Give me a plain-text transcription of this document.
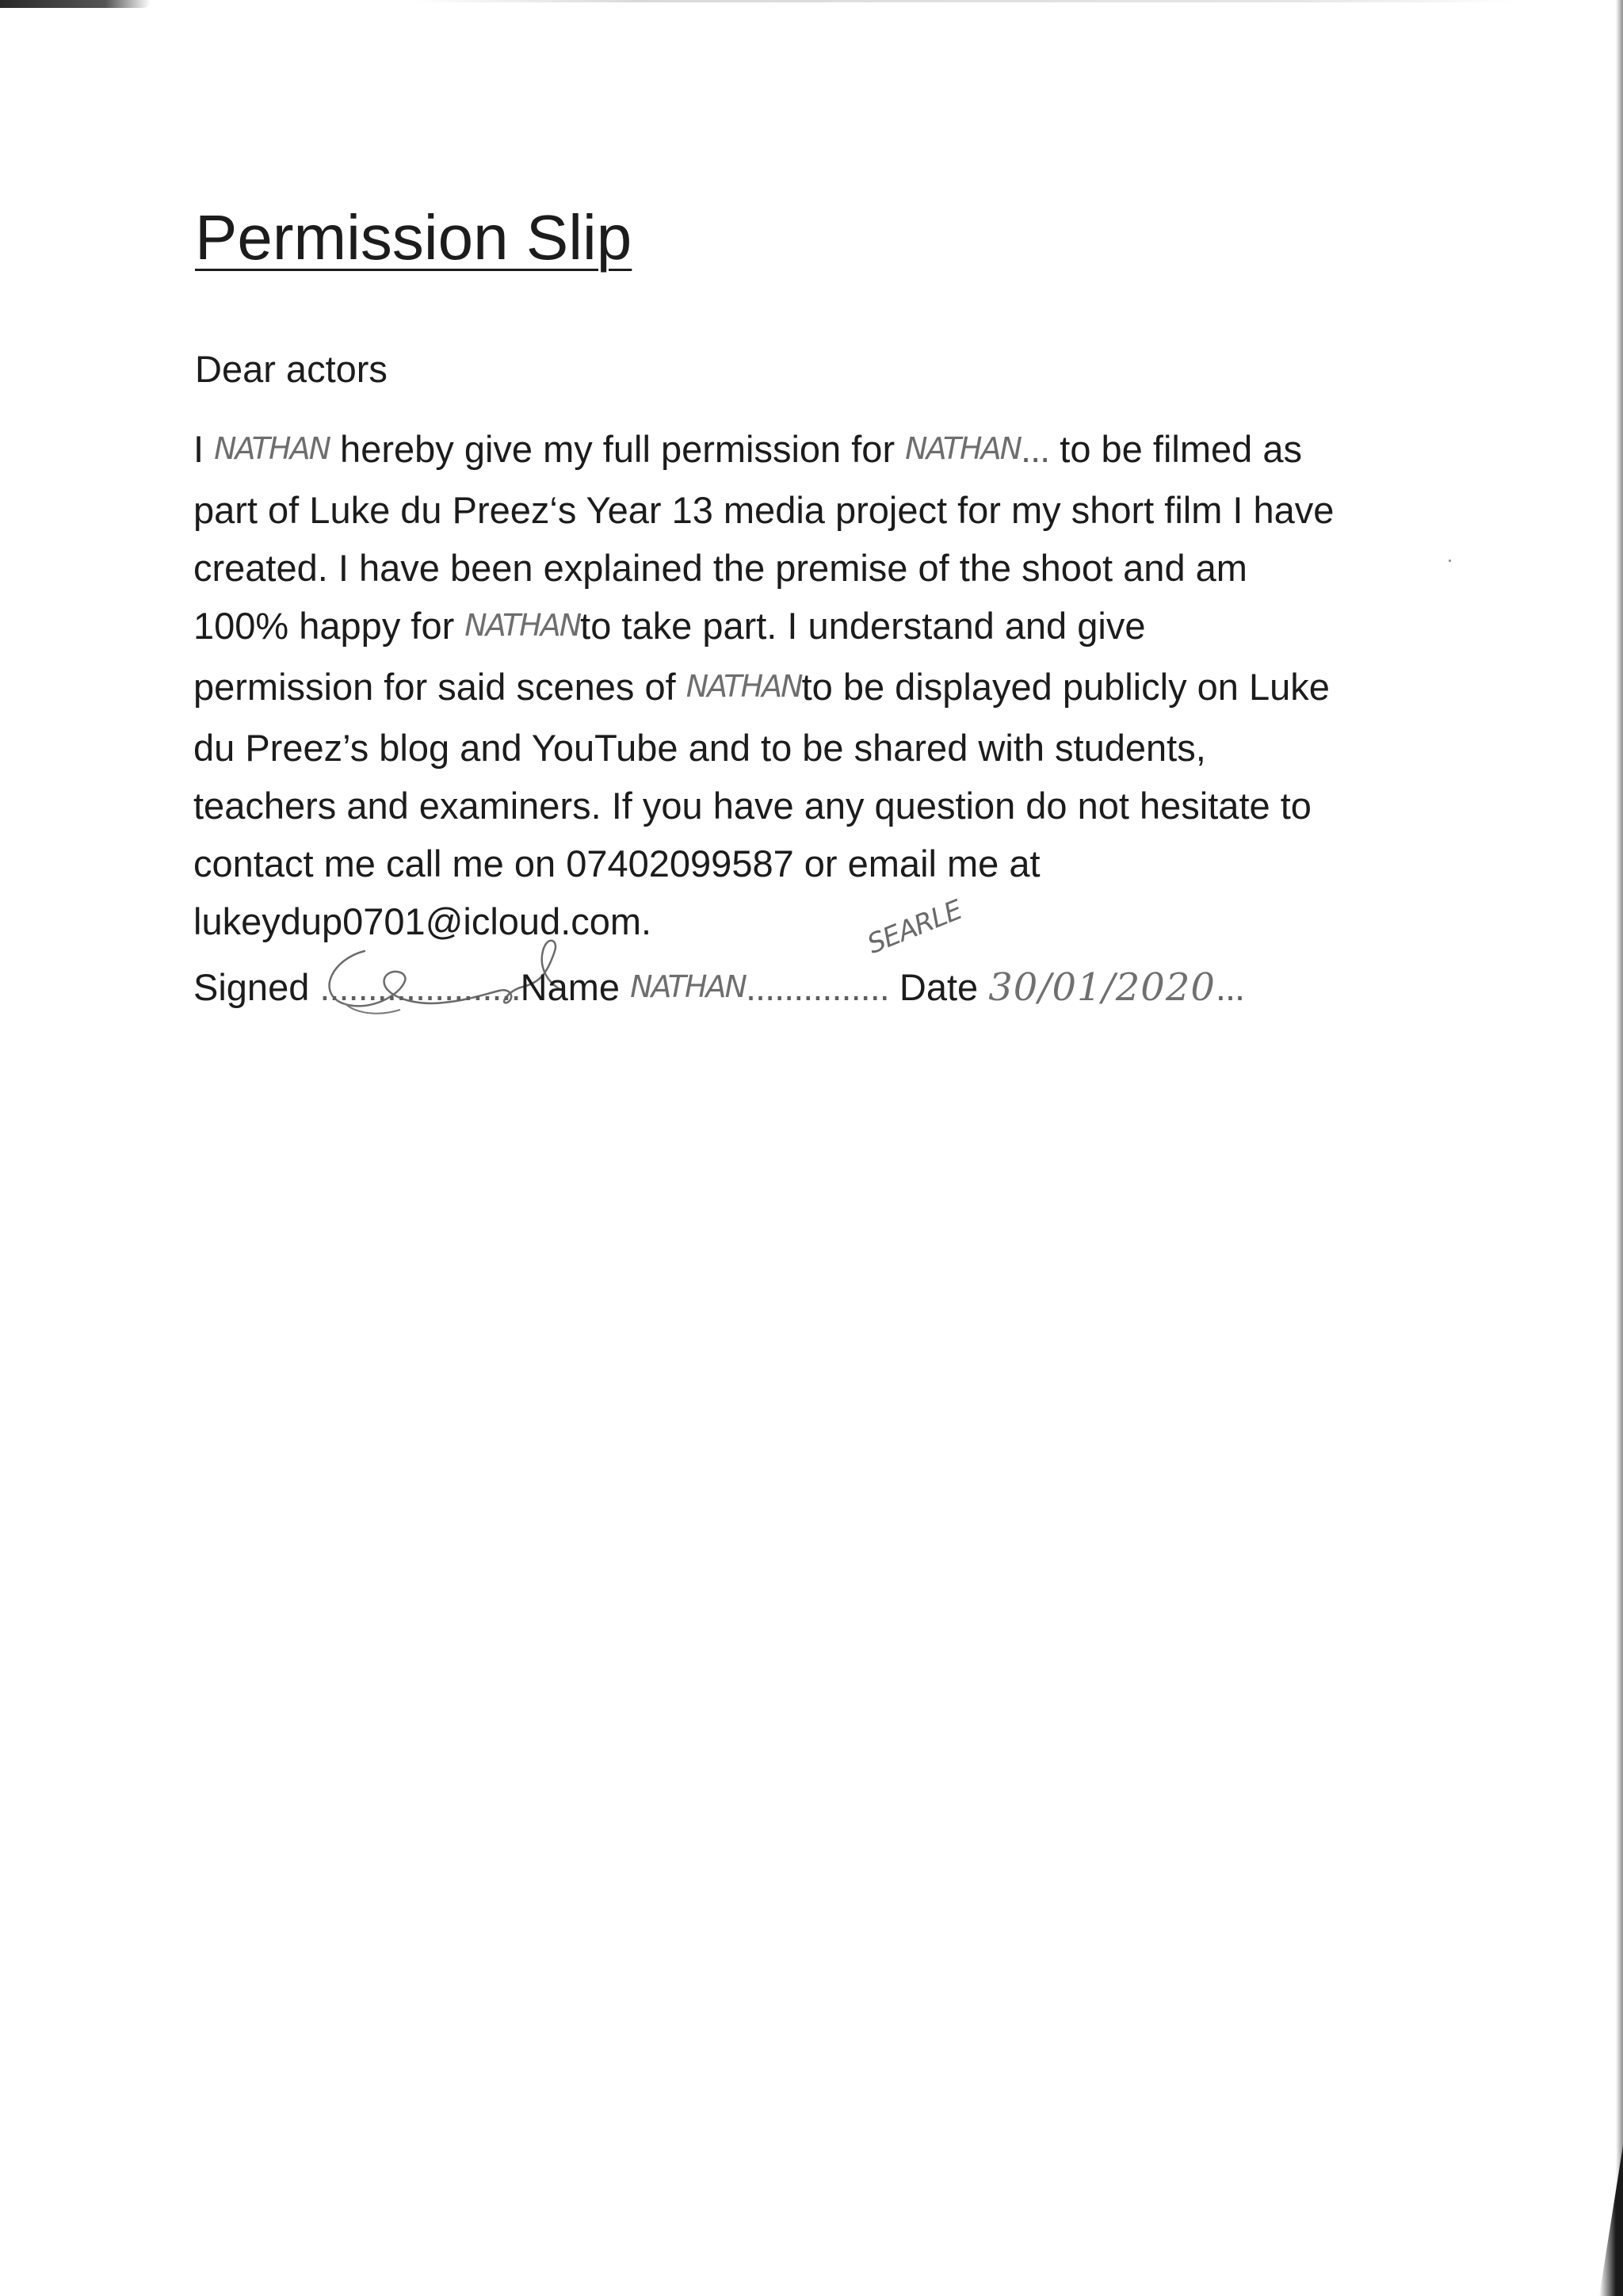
Permission Slip

Dear actors

I NATHAN hereby give my full permission for NATHAN... to be filmed as
part of Luke du Preez‘s Year 13 media project for my short film I have
created. I have been explained the premise of the shoot and am
100% happy for NATHANto take part. I understand and give
permission for said scenes of NATHANto be displayed publicly on Luke
du Preez’s blog and YouTube and to be shared with students,
teachers and examiners. If you have any question do not hesitate to
contact me call me on 07402099587 or email me at
lukeydup0701@icloud.com.	SEARLE
Signed .....................Name NATHAN............... Date 30/01/2020...
